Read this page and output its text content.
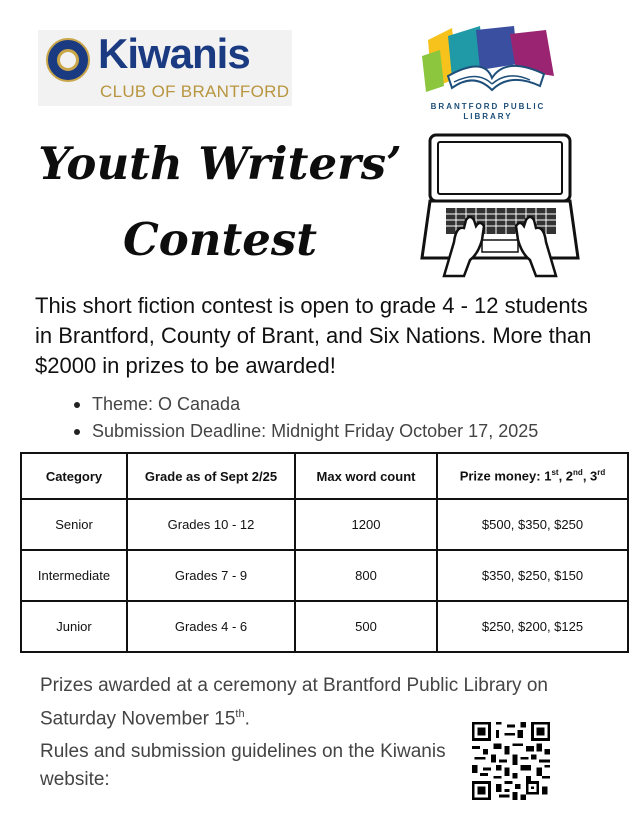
Kiwanis
CLUB OF BRANTFORD
BRANTFORD PUBLIC
LIBRARY
Youth Writers’
Contest
This short fiction contest is open to grade 4 - 12 students in Brantford, County of Brant, and Six Nations. More than $2000 in prizes to be awarded!
Theme: O Canada
Submission Deadline: Midnight Friday October 17, 2025
Category	Grade as of Sept 2/25	Max word count	Prize money: 1st, 2nd, 3rd
Senior	Grades 10 - 12	1200	$500, $350, $250
Intermediate	Grades 7 - 9	800	$350, $250, $150
Junior	Grades 4 - 6	500	$250, $200, $125
Prizes awarded at a ceremony at Brantford Public Library on Saturday November 15th.
Rules and submission guidelines on the Kiwanis website:
